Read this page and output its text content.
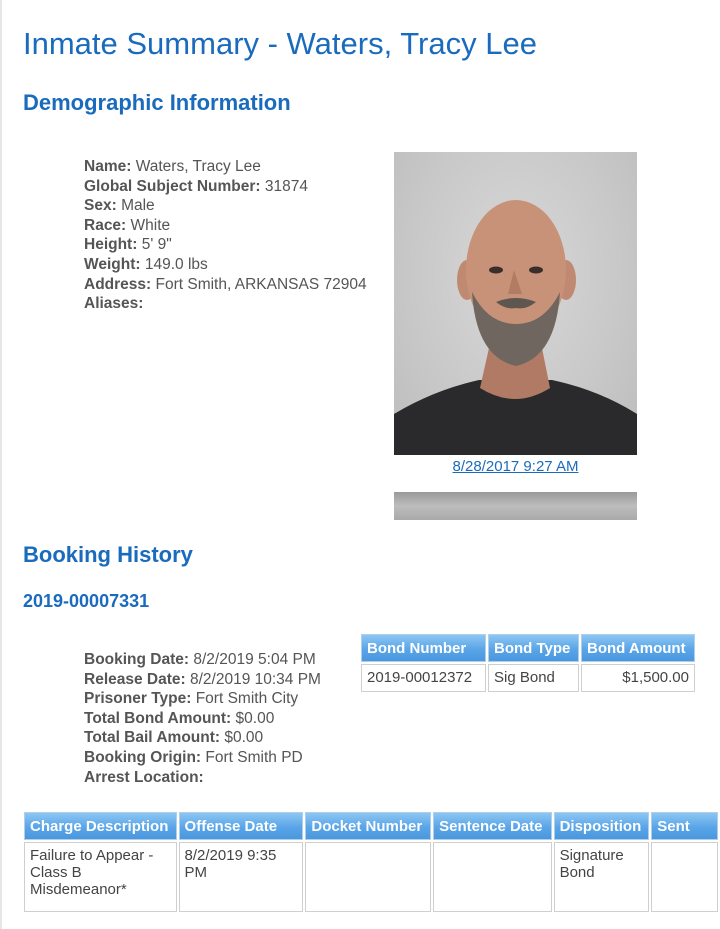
Inmate Summary - Waters, Tracy Lee
Demographic Information
Name: Waters, Tracy Lee
Global Subject Number: 31874
Sex: Male
Race: White
Height: 5' 9"
Weight: 149.0 lbs
Address: Fort Smith, ARKANSAS 72904
Aliases:
8/28/2017 9:27 AM
Booking History
2019-00007331
Booking Date: 8/2/2019 5:04 PM
Release Date: 8/2/2019 10:34 PM
Prisoner Type: Fort Smith City
Total Bond Amount: $0.00
Total Bail Amount: $0.00
Booking Origin: Fort Smith PD
Arrest Location:
Bond Number	Bond Type	Bond Amount
2019-00012372	Sig Bond	$1,500.00
Charge Description	Offense Date	Docket Number	Sentence Date	Disposition	Sent
Failure to Appear - Class B Misdemeanor*	8/2/2019 9:35 PM			Signature Bond	
